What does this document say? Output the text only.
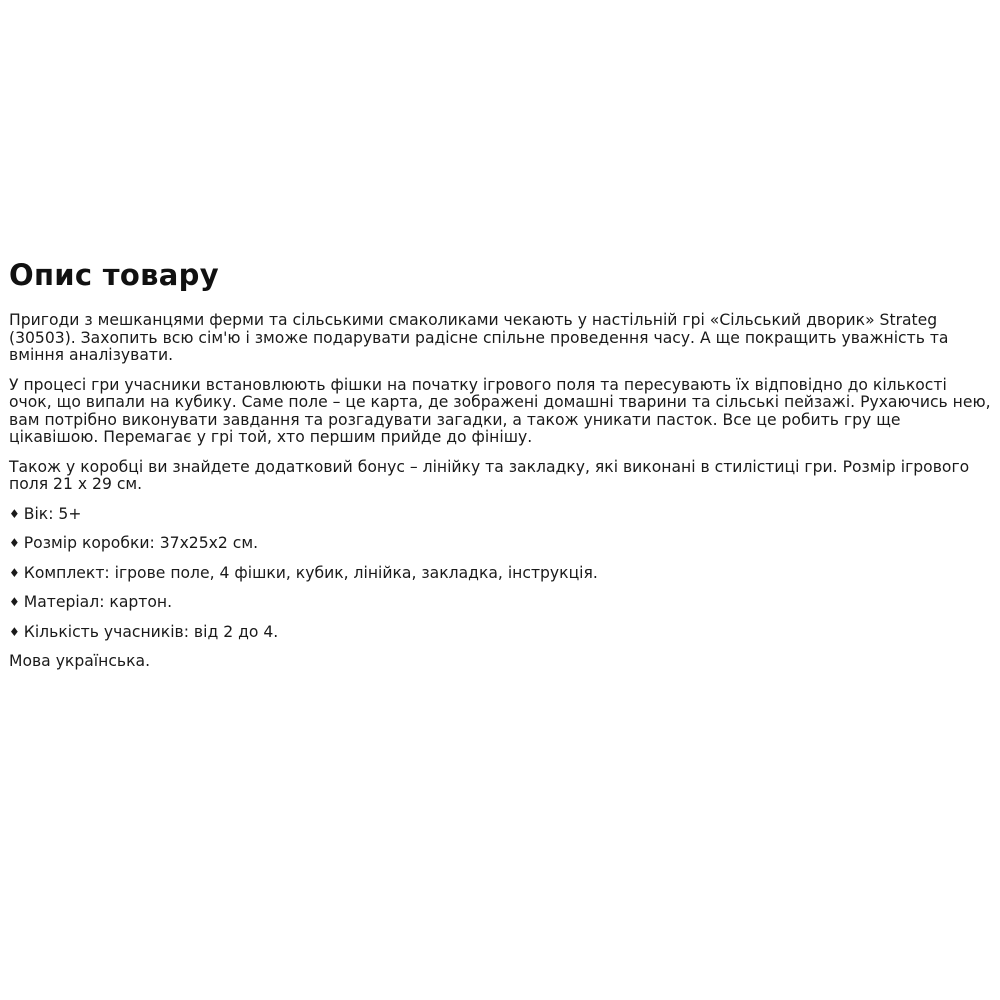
Опис товару

Пригоди з мешканцями ферми та сільськими смаколиками чекають у настільній грі «Сільський дворик» Strateg (30503). Захопить всю сім'ю і зможе подарувати радісне спільне проведення часу. А ще покращить уважність та вміння аналізувати.

У процесі гри учасники встановлюють фішки на початку ігрового поля та пересувають їх відповідно до кількості очок, що випали на кубику. Саме поле – це карта, де зображені домашні тварини та сільські пейзажі. Рухаючись нею, вам потрібно виконувати завдання та розгадувати загадки, а також уникати пасток. Все це робить гру ще цікавішою. Перемагає у грі той, хто першим прийде до фінішу.

Також у коробці ви знайдете додатковий бонус – лінійку та закладку, які виконані в стилістиці гри. Розмір ігрового поля 21 х 29 см.

♦ Вік: 5+
♦ Розмір коробки: 37x25x2 см.
♦ Комплект: ігрове поле, 4 фішки, кубик, лінійка, закладка, інструкція.
♦ Матеріал: картон.
♦ Кількість учасників: від 2 до 4.

Мова українська.
